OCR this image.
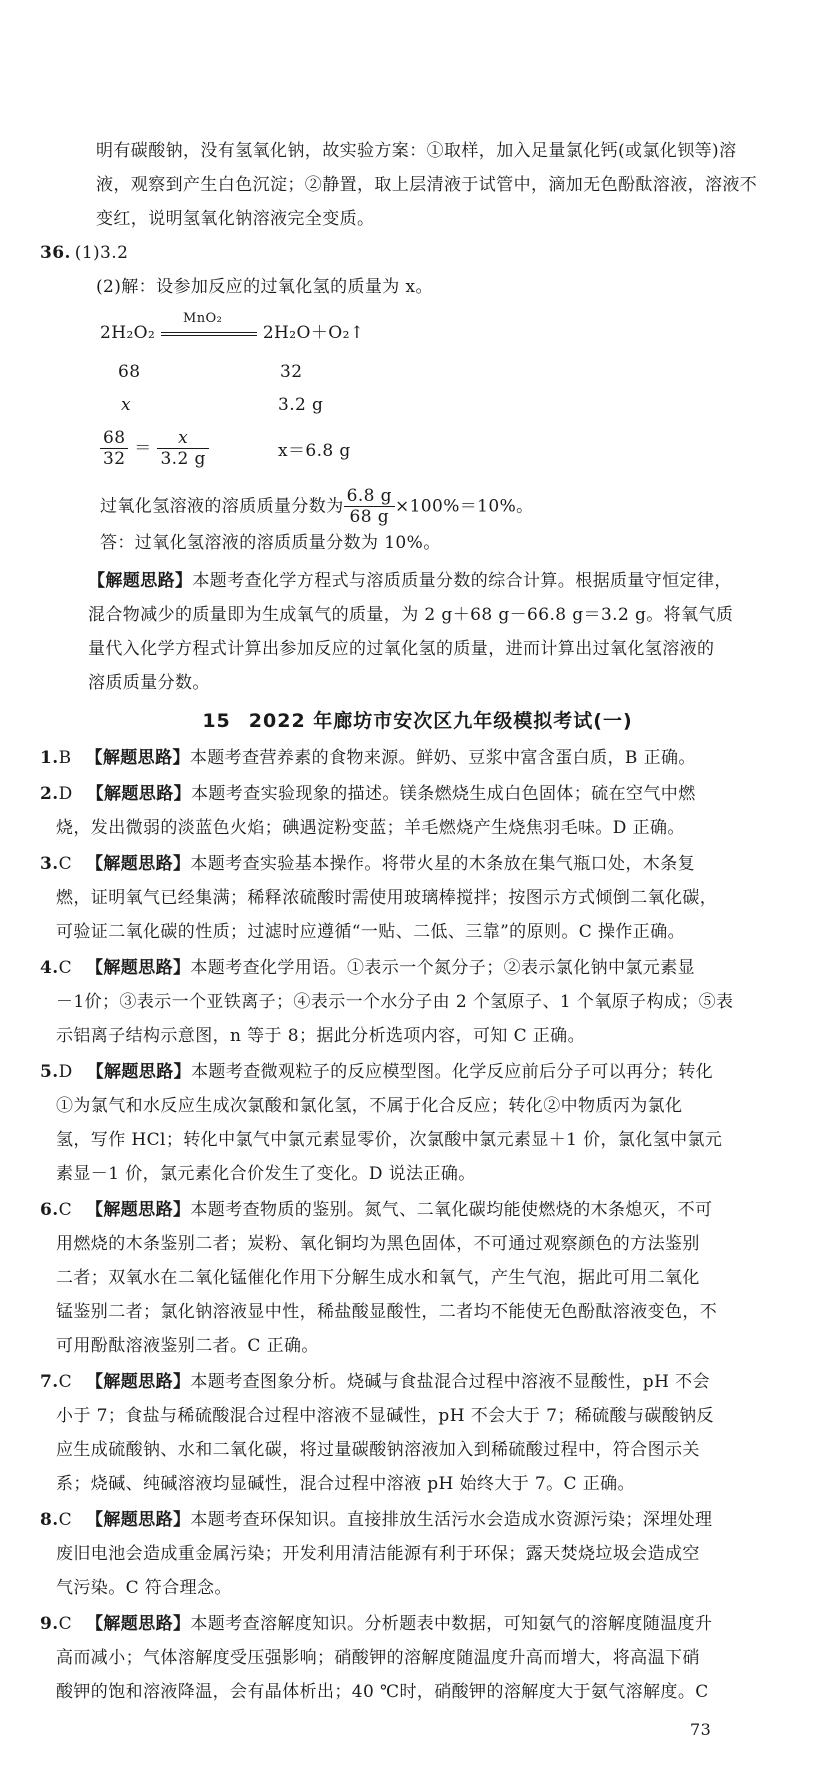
明有碳酸钠，没有氢氧化钠，故实验方案：①取样，加入足量氯化钙(或氯化钡等)溶
液，观察到产生白色沉淀；②静置，取上层清液于试管中，滴加无色酚酞溶液，溶液不
变红，说明氢氧化钠溶液完全变质。
36. (1)3.2
(2)解：设参加反应的过氧化氢的质量为 x。
2H₂O₂
MnO₂
2H₂O＋O₂↑
68	32
x	3.2 g
$\frac{68}{32} = \frac{x}{3.2 g}$	x＝6.8 g
过氧化氢溶液的溶质质量分数为 $\frac{6.8 g}{68 g} \times 100\%=10\%$。
答：过氧化氢溶液的溶质质量分数为 10%。
【解题思路】本题考查化学方程式与溶质质量分数的综合计算。根据质量守恒定律，
混合物减少的质量即为生成氧气的质量，为 2 g＋68 g－66.8 g＝3.2 g。将氧气质
量代入化学方程式计算出参加反应的过氧化氢的质量，进而计算出过氧化氢溶液的
溶质质量分数。
15 2022 年廊坊市安次区九年级模拟考试(一)
1.B 【解题思路】本题考查营养素的食物来源。鲜奶、豆浆中富含蛋白质，B 正确。
2.D 【解题思路】本题考查实验现象的描述。镁条燃烧生成白色固体；硫在空气中燃
烧，发出微弱的淡蓝色火焰；碘遇淀粉变蓝；羊毛燃烧产生烧焦羽毛味。D 正确。
3.C 【解题思路】本题考查实验基本操作。将带火星的木条放在集气瓶口处，木条复
燃，证明氧气已经集满；稀释浓硫酸时需使用玻璃棒搅拌；按图示方式倾倒二氧化碳，
可验证二氧化碳的性质；过滤时应遵循“一贴、二低、三靠”的原则。C 操作正确。
4.C 【解题思路】本题考查化学用语。①表示一个氮分子；②表示氯化钠中氯元素显
－1价；③表示一个亚铁离子；④表示一个水分子由 2 个氢原子、1 个氧原子构成；⑤表
示铝离子结构示意图，n 等于 8；据此分析选项内容，可知 C 正确。
5.D 【解题思路】本题考查微观粒子的反应模型图。化学反应前后分子可以再分；转化
①为氯气和水反应生成次氯酸和氯化氢，不属于化合反应；转化②中物质丙为氯化
氢，写作 HCl；转化中氯气中氯元素显零价，次氯酸中氯元素显＋1 价，氯化氢中氯元
素显－1 价，氯元素化合价发生了变化。D 说法正确。
6.C 【解题思路】本题考查物质的鉴别。氮气、二氧化碳均能使燃烧的木条熄灭，不可
用燃烧的木条鉴别二者；炭粉、氧化铜均为黑色固体，不可通过观察颜色的方法鉴别
二者；双氧水在二氧化锰催化作用下分解生成水和氧气，产生气泡，据此可用二氧化
锰鉴别二者；氯化钠溶液显中性，稀盐酸显酸性，二者均不能使无色酚酞溶液变色，不
可用酚酞溶液鉴别二者。C 正确。
7.C 【解题思路】本题考查图象分析。烧碱与食盐混合过程中溶液不显酸性，pH 不会
小于 7；食盐与稀硫酸混合过程中溶液不显碱性，pH 不会大于 7；稀硫酸与碳酸钠反
应生成硫酸钠、水和二氧化碳，将过量碳酸钠溶液加入到稀硫酸过程中，符合图示关
系；烧碱、纯碱溶液均显碱性，混合过程中溶液 pH 始终大于 7。C 正确。
8.C 【解题思路】本题考查环保知识。直接排放生活污水会造成水资源污染；深埋处理
废旧电池会造成重金属污染；开发利用清洁能源有利于环保；露天焚烧垃圾会造成空
气污染。C 符合理念。
9.C 【解题思路】本题考查溶解度知识。分析题表中数据，可知氨气的溶解度随温度升
高而减小；气体溶解度受压强影响；硝酸钾的溶解度随温度升高而增大，将高温下硝
酸钾的饱和溶液降温，会有晶体析出；40 ℃时，硝酸钾的溶解度大于氨气溶解度。C
73
